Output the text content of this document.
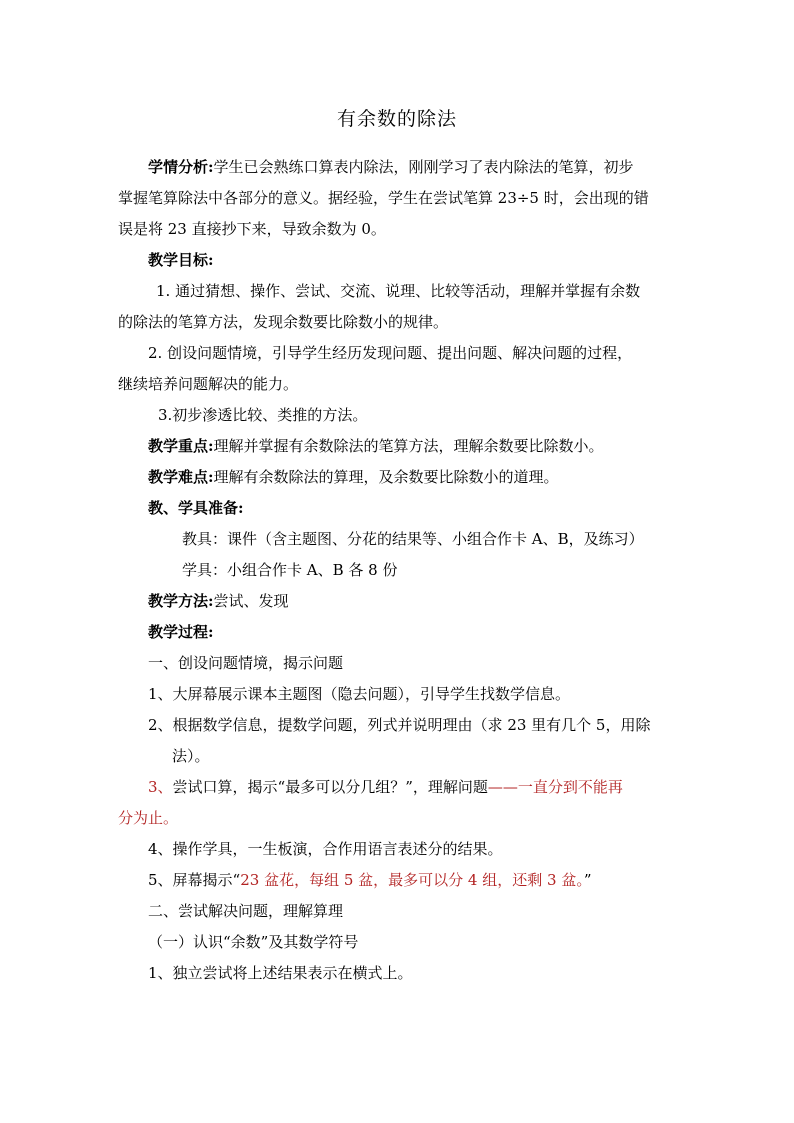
有余数的除法

学情分析:学生已会熟练口算表内除法，刚刚学习了表内除法的笔算，初步

掌握笔算除法中各部分的意义。据经验，学生在尝试笔算 23÷5 时，会出现的错

误是将 23 直接抄下来，导致余数为 0。

教学目标:

1. 通过猜想、操作、尝试、交流、说理、比较等活动，理解并掌握有余数

的除法的笔算方法，发现余数要比除数小的规律。

2. 创设问题情境，引导学生经历发现问题、提出问题、解决问题的过程，

继续培养问题解决的能力。

3.初步渗透比较、类推的方法。

教学重点:理解并掌握有余数除法的笔算方法，理解余数要比除数小。

教学难点:理解有余数除法的算理，及余数要比除数小的道理。

教、学具准备:

教具：课件（含主题图、分花的结果等、小组合作卡 A、B，及练习）

学具：小组合作卡 A、B 各 8 份

教学方法:尝试、发现

教学过程:

一、创设问题情境，揭示问题

1、大屏幕展示课本主题图（隐去问题），引导学生找数学信息。

2、根据数学信息，提数学问题，列式并说明理由（求 23 里有几个 5，用除

法）。

3、尝试口算，揭示“最多可以分几组？”，理解问题——一直分到不能再

分为止。

4、操作学具，一生板演，合作用语言表述分的结果。

5、屏幕揭示“23 盆花，每组 5 盆，最多可以分 4 组，还剩 3 盆。”

二、尝试解决问题，理解算理

（一）认识“余数”及其数学符号

1、独立尝试将上述结果表示在横式上。
